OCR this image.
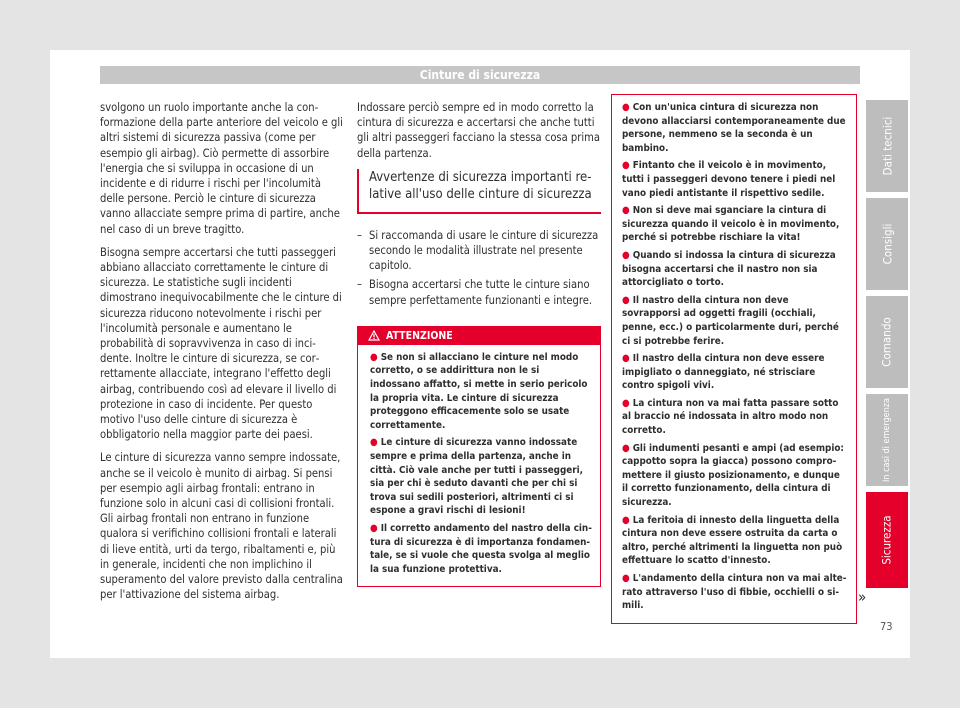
Cinture di sicurezza

svolgono un ruolo importante anche la conformazione della parte anteriore del veicolo e gli altri sistemi di sicurezza passiva (come per esempio gli airbag). Ciò permette di assorbire l'energia che si sviluppa in occasione di un incidente e di ridurre i rischi per l'incolumità delle persone. Perciò le cinture di sicurezza vanno allacciate sempre prima di partire, anche nel caso di un breve tragitto.

Bisogna sempre accertarsi che tutti passeggeri abbiano allacciato correttamente le cinture di sicurezza. Le statistiche sugli incidenti dimostrano inequivocabilmente che le cinture di sicurezza riducono notevolmente i rischi per l'incolumità personale e aumentano le probabilità di sopravvivenza in caso di incidente. Inoltre le cinture di sicurezza, se correttamente allacciate, integrano l'effetto degli airbag, contribuendo così ad elevare il livello di protezione in caso di incidente. Per questo motivo l'uso delle cinture di sicurezza è obbligatorio nella maggior parte dei paesi.

Le cinture di sicurezza vanno sempre indossate, anche se il veicolo è munito di airbag. Si pensi per esempio agli airbag frontali: entrano in funzione solo in alcuni casi di collisioni frontali. Gli airbag frontali non entrano in funzione qualora si verifichino collisioni frontali e laterali di lieve entità, urti da tergo, ribaltamenti e, più in generale, incidenti che non implichino il superamento del valore previsto dalla centralina per l'attivazione del sistema airbag.

Indossare perciò sempre ed in modo corretto la cintura di sicurezza e accertarsi che anche tutti gli altri passeggeri facciano la stessa cosa prima della partenza.

Avvertenze di sicurezza importanti relative all'uso delle cinture di sicurezza
– Si raccomanda di usare le cinture di sicurezza secondo le modalità illustrate nel presente capitolo.
– Bisogna accertarsi che tutte le cinture siano sempre perfettamente funzionanti e integre.
ATTENZIONE
● Se non si allacciano le cinture nel modo corretto, o se addirittura non le si indossano affatto, si mette in serio pericolo la propria vita. Le cinture di sicurezza proteggono efficacemente solo se usate correttamente.
● Le cinture di sicurezza vanno indossate sempre e prima della partenza, anche in città. Ciò vale anche per tutti i passeggeri, sia per chi è seduto davanti che per chi si trova sui sedili posteriori, altrimenti ci si espone a gravi rischi di lesioni!
● Il corretto andamento del nastro della cintura di sicurezza è di importanza fondamentale, se si vuole che questa svolga al meglio la sua funzione protettiva.
● Con un'unica cintura di sicurezza non devono allacciarsi contemporaneamente due persone, nemmeno se la seconda è un bambino.
● Fintanto che il veicolo è in movimento, tutti i passeggeri devono tenere i piedi nel vano piedi antistante il rispettivo sedile.
● Non si deve mai sganciare la cintura di sicurezza quando il veicolo è in movimento, perché si potrebbe rischiare la vita!
● Quando si indossa la cintura di sicurezza bisogna accertarsi che il nastro non sia attorcigliato o torto.
● Il nastro della cintura non deve sovrapporsi ad oggetti fragili (occhiali, penne, ecc.) o particolarmente duri, perché ci si potrebbe ferire.
● Il nastro della cintura non deve essere impigliato o danneggiato, né strisciare contro spigoli vivi.
● La cintura non va mai fatta passare sotto al braccio né indossata in altro modo non corretto.
● Gli indumenti pesanti e ampi (ad esempio: cappotto sopra la giacca) possono compromettere il giusto posizionamento, e dunque il corretto funzionamento, della cintura di sicurezza.
● La feritoia di innesto della linguetta della cintura non deve essere ostruita da carta o altro, perché altrimenti la linguetta non può effettuare lo scatto d'innesto.
● L'andamento della cintura non va mai alterato attraverso l'uso di fibbie, occhielli o simili.	»
Dati tecnici
Consigli
Comando
In casi di emergenza
Sicurezza
73
